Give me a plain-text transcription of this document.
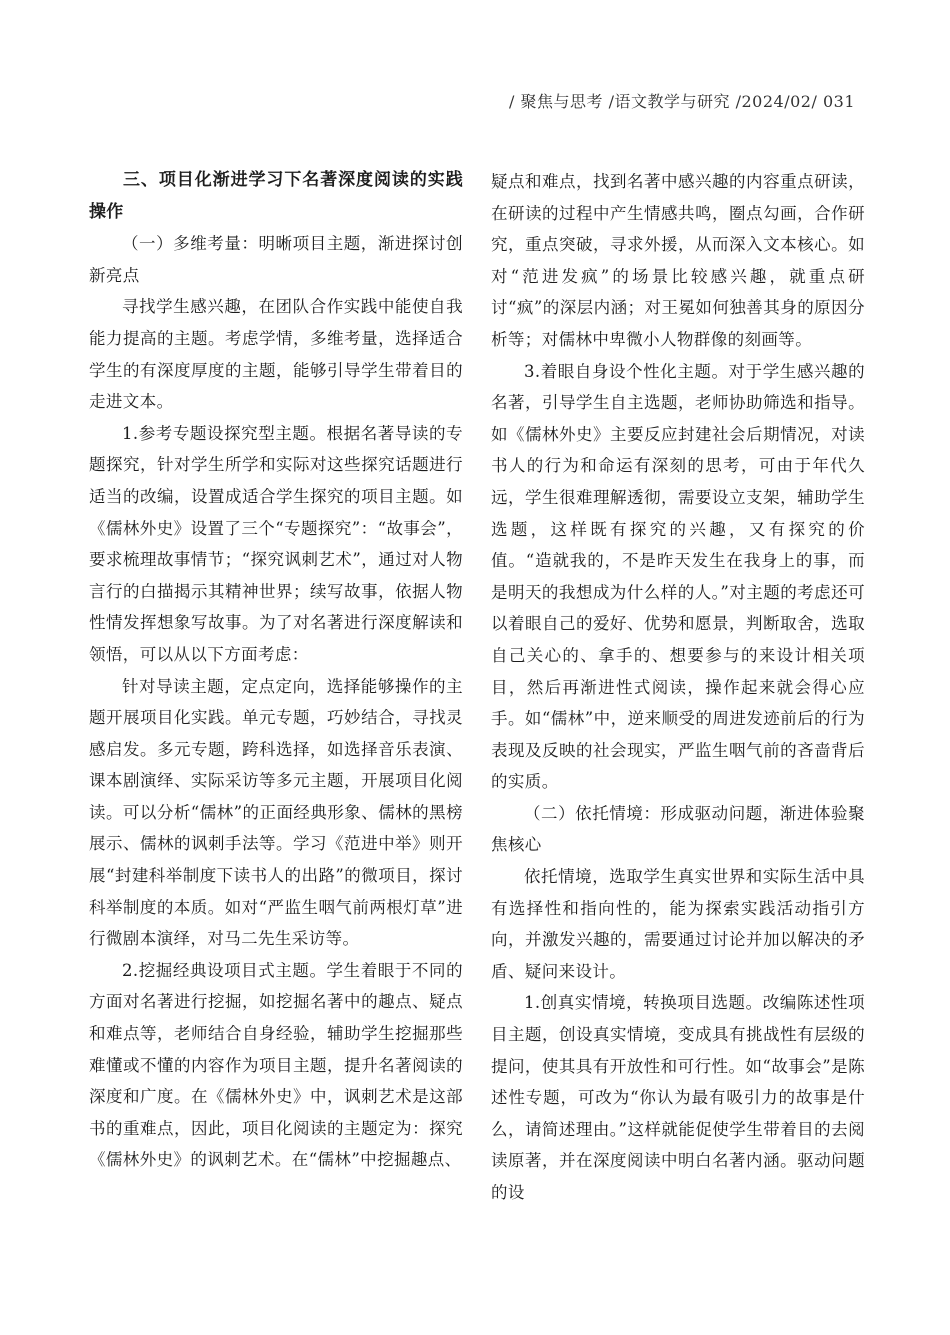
/ 聚焦与思考 /语文教学与研究 /2024/02/ 031
三、项目化渐进学习下名著深度阅读的实践操作

（一）多维考量：明晰项目主题，渐进探讨创新亮点

寻找学生感兴趣，在团队合作实践中能使自我能力提高的主题。考虑学情，多维考量，选择适合学生的有深度厚度的主题，能够引导学生带着目的走进文本。

1.参考专题设探究型主题。根据名著导读的专题探究，针对学生所学和实际对这些探究话题进行适当的改编，设置成适合学生探究的项目主题。如《儒林外史》设置了三个“专题探究”：“故事会”，要求梳理故事情节；“探究讽刺艺术”，通过对人物言行的白描揭示其精神世界；续写故事，依据人物性情发挥想象写故事。为了对名著进行深度解读和领悟，可以从以下方面考虑：

针对导读主题，定点定向，选择能够操作的主题开展项目化实践。单元专题，巧妙结合，寻找灵感启发。多元专题，跨科选择，如选择音乐表演、课本剧演绎、实际采访等多元主题，开展项目化阅读。可以分析“儒林”的正面经典形象、儒林的黑榜展示、儒林的讽刺手法等。学习《范进中举》则开展“封建科举制度下读书人的出路”的微项目，探讨科举制度的本质。如对“严监生咽气前两根灯草”进行微剧本演绎，对马二先生采访等。

2.挖掘经典设项目式主题。学生着眼于不同的方面对名著进行挖掘，如挖掘名著中的趣点、疑点和难点等，老师结合自身经验，辅助学生挖掘那些难懂或不懂的内容作为项目主题，提升名著阅读的深度和广度。在《儒林外史》中，讽刺艺术是这部书的重难点，因此，项目化阅读的主题定为：探究《儒林外史》的讽刺艺术。在“儒林”中挖掘趣点、

疑点和难点，找到名著中感兴趣的内容重点研读，在研读的过程中产生情感共鸣，圈点勾画，合作研究，重点突破，寻求外援，从而深入文本核心。如对“范进发疯”的场景比较感兴趣，就重点研讨“疯”的深层内涵；对王冕如何独善其身的原因分析等；对儒林中卑微小人物群像的刻画等。

3.着眼自身设个性化主题。对于学生感兴趣的名著，引导学生自主选题，老师协助筛选和指导。如《儒林外史》主要反应封建社会后期情况，对读书人的行为和命运有深刻的思考，可由于年代久远，学生很难理解透彻，需要设立支架，辅助学生选题，这样既有探究的兴趣，又有探究的价值。“造就我的，不是昨天发生在我身上的事，而是明天的我想成为什么样的人。”对主题的考虑还可以着眼自己的爱好、优势和愿景，判断取舍，选取自己关心的、拿手的、想要参与的来设计相关项目，然后再渐进性式阅读，操作起来就会得心应手。如“儒林”中，逆来顺受的周进发迹前后的行为表现及反映的社会现实，严监生咽气前的吝啬背后的实质。

（二）依托情境：形成驱动问题，渐进体验聚焦核心

依托情境，选取学生真实世界和实际生活中具有选择性和指向性的，能为探索实践活动指引方向，并激发兴趣的，需要通过讨论并加以解决的矛盾、疑问来设计。

1.创真实情境，转换项目选题。改编陈述性项目主题，创设真实情境，变成具有挑战性有层级的提问，使其具有开放性和可行性。如“故事会”是陈述性专题，可改为“你认为最有吸引力的故事是什么，请简述理由。”这样就能促使学生带着目的去阅读原著，并在深度阅读中明白名著内涵。驱动问题的设
